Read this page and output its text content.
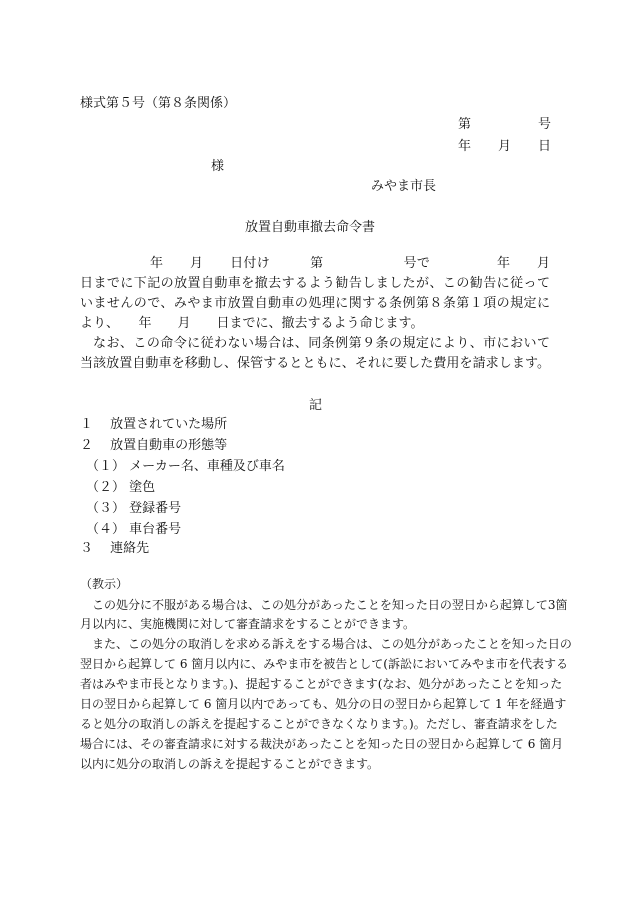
様式第５号（第８条関係）
第	号
年 月 日
様
みやま市長
放置自動車撤去命令書
年　　月　　日付け　　　第　　　　　　号で　　　　　年　　月
日までに下記の放置自動車を撤去するよう勧告しましたが、この勧告に従って
いませんので、みやま市放置自動車の処理に関する条例第８条第１項の規定に
より、　　年　　月　　日までに、撤去するよう命じます。
なお、この命令に従わない場合は、同条例第９条の規定により、市において
当該放置自動車を移動し、保管するとともに、それに要した費用を請求します。
記
１　 放置されていた場所
２　 放置自動車の形態等
（１） メーカー名、車種及び車名
（２） 塗色
（３） 登録番号
（４） 車台番号
３　 連絡先
（教示）
この処分に不服がある場合は、この処分があったことを知った日の翌日から起算して3箇
月以内に、実施機関に対して審査請求をすることができます。
また、この処分の取消しを求める訴えをする場合は、この処分があったことを知った日の
翌日から起算して 6 箇月以内に、みやま市を被告として(訴訟においてみやま市を代表する
者はみやま市長となります。)、提起することができます(なお、処分があったことを知った
日の翌日から起算して 6 箇月以内であっても、処分の日の翌日から起算して 1 年を経過す
ると処分の取消しの訴えを提起することができなくなります。)。ただし、審査請求をした
場合には、その審査請求に対する裁決があったことを知った日の翌日から起算して 6 箇月
以内に処分の取消しの訴えを提起することができます。
